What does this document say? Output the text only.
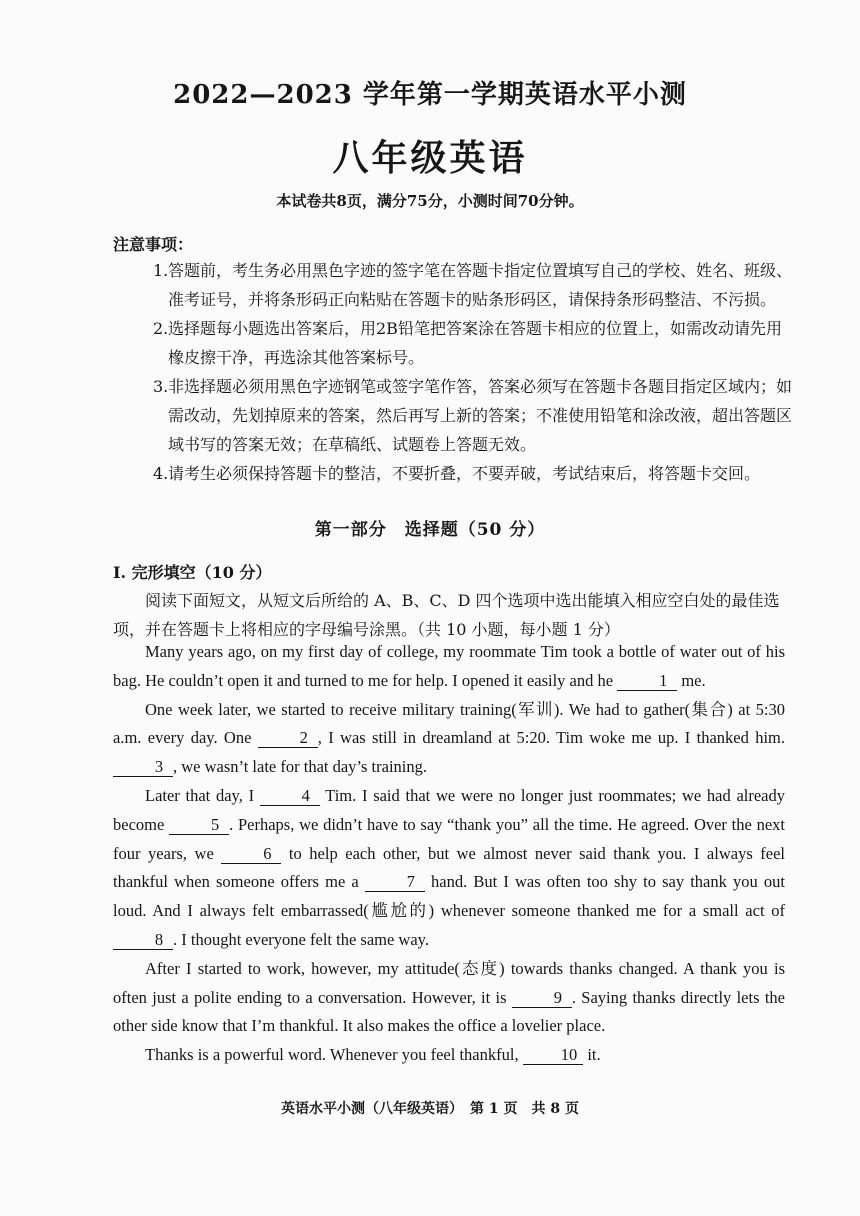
2022—2023 学年第一学期英语水平小测
八年级英语
本试卷共8页，满分75分，小测时间70分钟。
注意事项：
1. 答题前，考生务必用黑色字迹的签字笔在答题卡指定位置填写自己的学校、姓名、班级、准考证号，并将条形码正向粘贴在答题卡的贴条形码区，请保持条形码整洁、不污损。
2. 选择题每小题选出答案后，用2B铅笔把答案涂在答题卡相应的位置上，如需改动请先用橡皮擦干净，再选涂其他答案标号。
3. 非选择题必须用黑色字迹钢笔或签字笔作答，答案必须写在答题卡各题目指定区域内；如需改动，先划掉原来的答案，然后再写上新的答案；不准使用铅笔和涂改液，超出答题区域书写的答案无效；在草稿纸、试题卷上答题无效。
4. 请考生必须保持答题卡的整洁，不要折叠，不要弄破，考试结束后，将答题卡交回。
第一部分　选择题（50 分）
I. 完形填空（10 分）
阅读下面短文，从短文后所给的 A、B、C、D 四个选项中选出能填入相应空白处的最佳选项，并在答题卡上将相应的字母编号涂黑。（共 10 小题，每小题 1 分）

Many years ago, on my first day of college, my roommate Tim took a bottle of water out of his bag. He couldn’t open it and turned to me for help. I opened it easily and he	1 me.

One week later, we started to receive military training(军训). We had to gather(集合) at 5:30 a.m. every day. One	2 , I was still in dreamland at 5:20. Tim woke me up. I thanked him. 3 , we wasn’t late for that day’s training.

Later that day, I	4 Tim. I said that we were no longer just roommates; we had already become	5 . Perhaps, we didn’t have to say “thank you” all the time. He agreed. Over the next four years, we	6 to help each other, but we almost never said thank you. I always feel thankful when someone offers me a	7 hand. But I was often too shy to say thank you out loud. And I always felt embarrassed(尴尬的) whenever someone thanked me for a small act of 8 . I thought everyone felt the same way.

After I started to work, however, my attitude(态度) towards thanks changed. A thank you is often just a polite ending to a conversation. However, it is	9 . Saying thanks directly lets the other side know that I’m thankful. It also makes the office a lovelier place.

Thanks is a powerful word. Whenever you feel thankful,	10 it.

英语水平小测（八年级英语）　第 1 页　共 8 页
